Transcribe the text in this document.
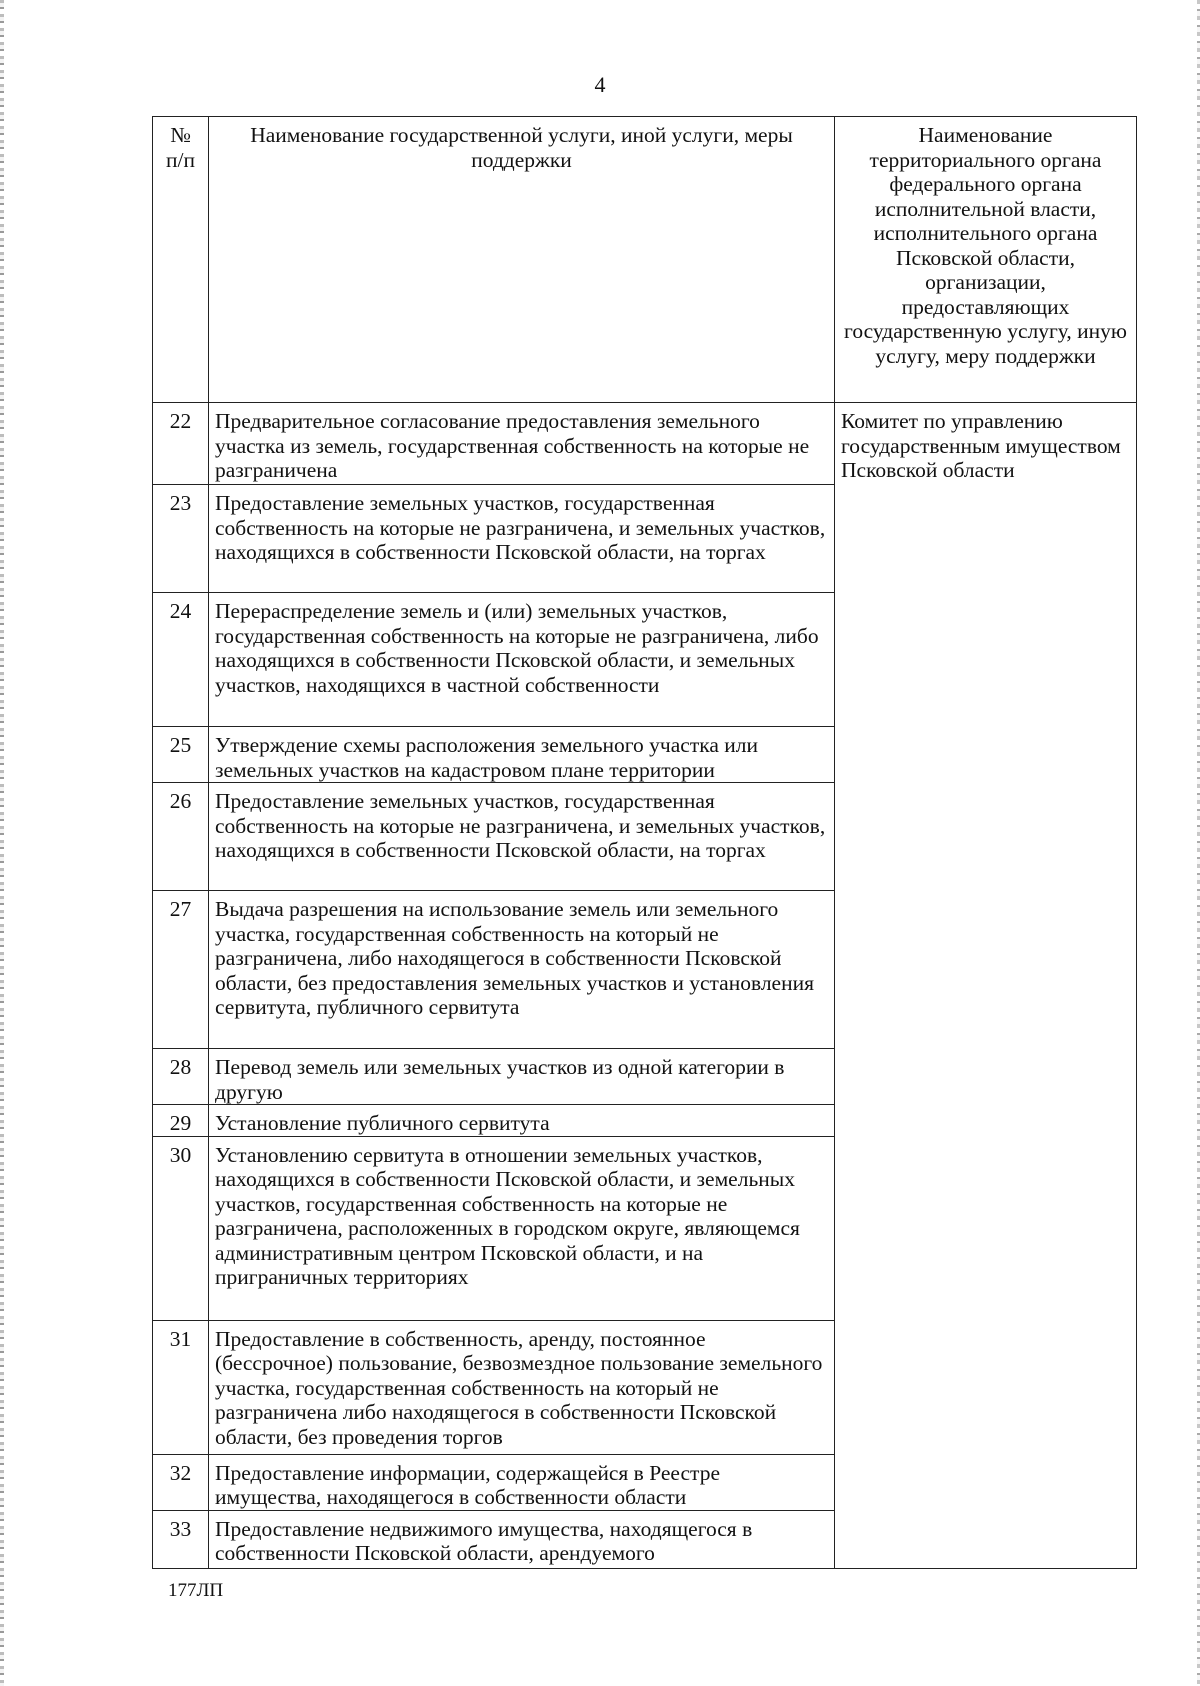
4
№ п/п	Наименование государственной услуги, иной услуги, меры поддержки	Наименование территориального органа федерального органа исполнительной власти, исполнительного органа Псковской области, организации, предоставляющих государственную услугу, иную услугу, меру поддержки

22	Предварительное согласование предоставления земельного участка из земель, государственная собственность на которые не разграничена	Комитет по управлению государственным имуществом Псковской области
23	Предоставление земельных участков, государственная собственность на которые не разграничена, и земельных участков, находящихся в собственности Псковской области, на торгах	
24	Перераспределение земель и (или) земельных участков, государственная собственность на которые не разграничена, либо находящихся в собственности Псковской области, и земельных участков, находящихся в частной собственности	
25	Утверждение схемы расположения земельного участка или земельных участков на кадастровом плане территории	
26	Предоставление земельных участков, государственная собственность на которые не разграничена, и земельных участков, находящихся в собственности Псковской области, на торгах	
27	Выдача разрешения на использование земель или земельного участка, государственная собственность на который не разграничена, либо находящегося в собственности Псковской области, без предоставления земельных участков и установления сервитута, публичного сервитута	
28	Перевод земель или земельных участков из одной категории в другую	
29	Установление публичного сервитута	
30	Установлению сервитута в отношении земельных участков, находящихся в собственности Псковской области, и земельных участков, государственная собственность на которые не разграничена, расположенных в городском округе, являющемся административным центром Псковской области, и на приграничных территориях	
31	Предоставление в собственность, аренду, постоянное (бессрочное) пользование, безвозмездное пользование земельного участка, государственная собственность на который не разграничена либо находящегося в собственности Псковской области, без проведения торгов	
32	Предоставление информации, содержащейся в Реестре имущества, находящегося в собственности области	
33	Предоставление недвижимого имущества, находящегося в собственности Псковской области, арендуемого	
177ЛП
